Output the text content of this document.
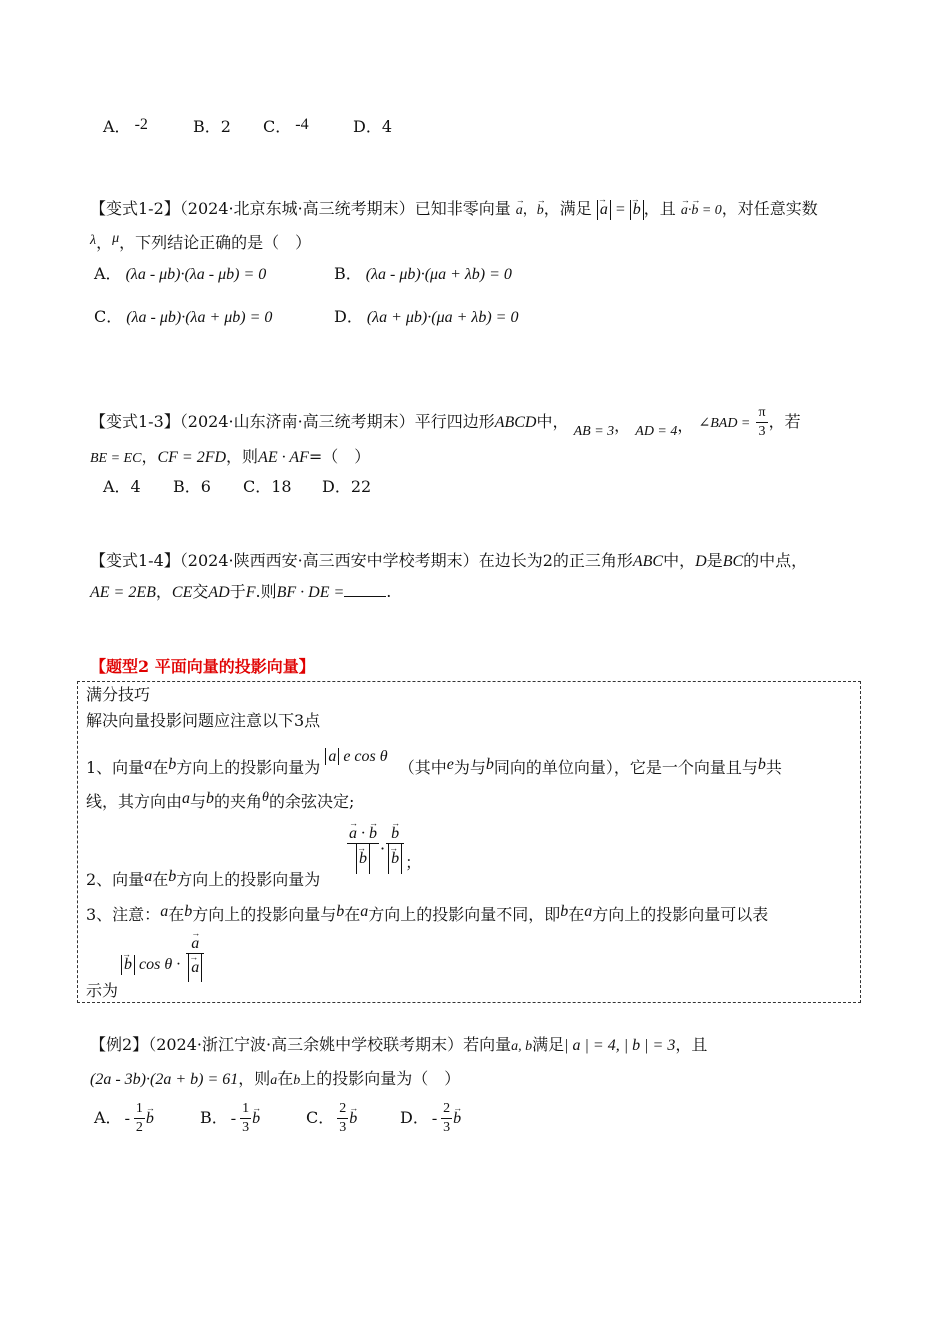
A． -2	B．2 C． -4	D．4
【变式1-2】（2024·北京东城·高三统考期末）已知非零向量 → a，→ b，满足 → a = → b ，且 → a·→ b = 0，对任意实数
λ，μ，下列结论正确的是（　）
A． (λa - μb)·(λa - μb) = 0	B． (λa - μb)·(μa + λb) = 0
C． (λa - μb)·(λa + μb) = 0	D． (λa + μb)·(μa + λb) = 0
【变式1-3】（2024·山东济南·高三统考期末）平行四边形ABCD中， AB = 3， AD = 4， ∠BAD = $\frac{\pi}{3}$ ，若
BE = EC，CF = 2FD，则AE · AF=（　）
A．4 B．6 C．18 D．22
【变式1-4】（2024·陕西西安·高三西安中学校考期末）在边长为2的正三角形ABC中，D是BC的中点，
AE = 2EB，CE交AD于F.则BF · DE =	.
【题型2 平面向量的投影向量】
满分技巧
解决向量投影问题应注意以下3点
1、向量a在b方向上的投影向量为 a e cos θ （其中e为与b同向的单位向量），它是一个向量且与b共
线，其方向由a与b的夹角θ的余弦决定;
2、向量a在b方向上的投影向量为
→ a · → b
→ b ·
→ b
→ b ；
3、注意：a在b方向上的投影向量与b在a方向上的投影向量不同，即b在a方向上的投影向量可以表
→ b cos θ ·
→ a
→ a
示为
【例2】（2024·浙江宁波·高三余姚中学校联考期末）若向量a, b满足| a | = 4, | b | = 3，且
(2a - 3b)·(2a + b) = 61，则a在b上的投影向量为（　）
A． - $\frac{1}{2}$
→ b	B． - $\frac{1}{3}$
→ b	C． $\frac{2}{3}$
→ b	D． - $\frac{2}{3}$
→ b
